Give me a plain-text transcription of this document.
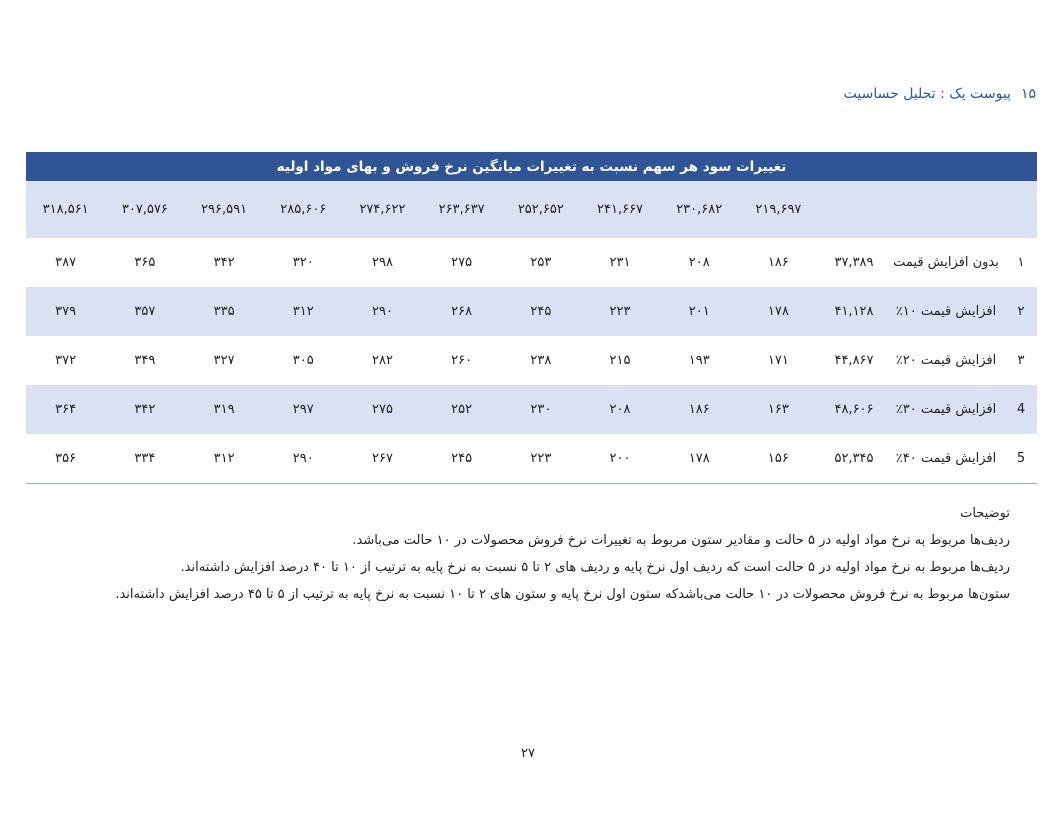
۱۵
پیوست یک : تحلیل حساسیت
تغییرات سود هر سهم نسبت به تغییرات میانگین نرخ فروش و بهای مواد اولیه												
			۲۱۹,۶۹۷	۲۳۰,۶۸۲	۲۴۱,۶۶۷	۲۵۲,۶۵۲	۲۶۳,۶۳۷	۲۷۴,۶۲۲	۲۸۵,۶۰۶	۲۹۶,۵۹۱	۳۰۷,۵۷۶	۳۱۸,۵۶۱
۱	بدون افزایش قیمت	۳۷,۳۸۹	۱۸۶	۲۰۸	۲۳۱	۲۵۳	۲۷۵	۲۹۸	۳۲۰	۳۴۲	۳۶۵	۳۸۷
۲	افزایش قیمت ۱۰٪	۴۱,۱۲۸	۱۷۸	۲۰۱	۲۲۳	۲۴۵	۲۶۸	۲۹۰	۳۱۲	۳۳۵	۳۵۷	۳۷۹
۳	افزایش قیمت ۲۰٪	۴۴,۸۶۷	۱۷۱	۱۹۳	۲۱۵	۲۳۸	۲۶۰	۲۸۲	۳۰۵	۳۲۷	۳۴۹	۳۷۲
4	افزایش قیمت ۳۰٪	۴۸,۶۰۶	۱۶۳	۱۸۶	۲۰۸	۲۳۰	۲۵۲	۲۷۵	۲۹۷	۳۱۹	۳۴۲	۳۶۴
5	افزایش قیمت ۴۰٪	۵۲,۳۴۵	۱۵۶	۱۷۸	۲۰۰	۲۲۳	۲۴۵	۲۶۷	۲۹۰	۳۱۲	۳۳۴	۳۵۶
توضیحات
ردیف‌ها مربوط به نرخ مواد اولیه در ۵ حالت و مقادیر ستون مربوط به تغییرات نرخ فروش محصولات در ۱۰ حالت می‌باشد.
ردیف‌ها مربوط به نرخ مواد اولیه در ۵ حالت است که ردیف اول نرخ پایه و ردیف های ۲ تا ۵ نسبت به نرخ پایه به ترتیب از ۱۰ تا ۴۰ درصد افزایش داشته‌اند.
ستون‌ها مربوط به نرخ فروش محصولات در ۱۰ حالت می‌باشدکه ستون اول نرخ پایه و ستون های ۲ تا ۱۰ نسبت به نرخ پایه به ترتیب از ۵ تا ۴۵ درصد افزایش داشته‌اند.
۲۷
